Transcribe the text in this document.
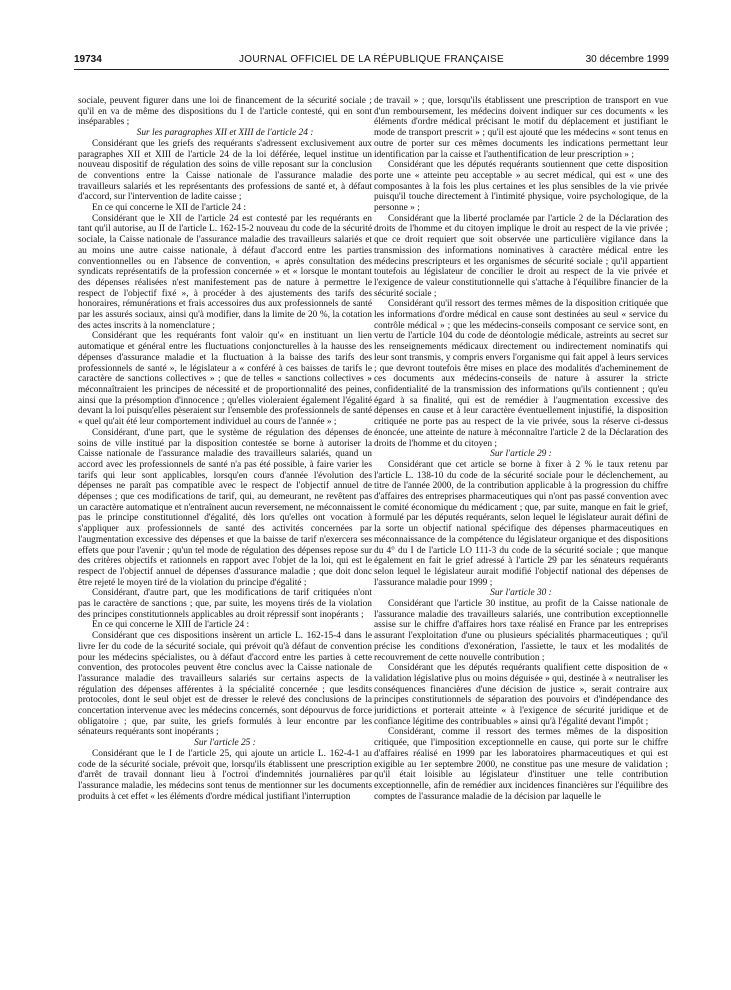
19734	JOURNAL OFFICIEL DE LA RÉPUBLIQUE FRANÇAISE	30 décembre 1999

sociale, peuvent figurer dans une loi de financement de la sécurité sociale ; qu'il en va de même des dispositions du I de l'article contesté, qui en sont inséparables ;

Sur les paragraphes XII et XIII de l'article 24 :

Considérant que les griefs des requérants s'adressent exclusivement aux paragraphes XII et XIII de l'article 24 de la loi déférée, lequel institue un nouveau dispositif de régulation des soins de ville reposant sur la conclusion de conventions entre la Caisse nationale de l'assurance maladie des travailleurs salariés et les représentants des professions de santé et, à défaut d'accord, sur l'intervention de ladite caisse ;

En ce qui concerne le XII de l'article 24 :

Considérant que le XII de l'article 24 est contesté par les requérants en tant qu'il autorise, au II de l'article L. 162-15-2 nouveau du code de la sécurité sociale, la Caisse nationale de l'assurance maladie des travailleurs salariés et au moins une autre caisse nationale, à défaut d'accord entre les parties conventionnelles ou en l'absence de convention, « après consultation des syndicats représentatifs de la profession concernée » et « lorsque le montant des dépenses réalisées n'est manifestement pas de nature à permettre le respect de l'objectif fixé », à procéder à des ajustements des tarifs des honoraires, rémunérations et frais accessoires dus aux professionnels de santé par les assurés sociaux, ainsi qu'à modifier, dans la limite de 20 %, la cotation des actes inscrits à la nomenclature ;

Considérant que les requérants font valoir qu'« en instituant un lien automatique et général entre les fluctuations conjoncturelles à la hausse des dépenses d'assurance maladie et la fluctuation à la baisse des tarifs des professionnels de santé », le législateur a « conféré à ces baisses de tarifs le caractère de sanctions collectives » ; que de telles « sanctions collectives » méconnaîtraient les principes de nécessité et de proportionnalité des peines, ainsi que la présomption d'innocence ; qu'elles violeraient également l'égalité devant la loi puisqu'elles pèseraient sur l'ensemble des professionnels de santé « quel qu'ait été leur comportement individuel au cours de l'année » ;

Considérant, d'une part, que le système de régulation des dépenses de soins de ville institué par la disposition contestée se borne à autoriser la Caisse nationale de l'assurance maladie des travailleurs salariés, quand un accord avec les professionnels de santé n'a pas été possible, à faire varier les tarifs qui leur sont applicables, lorsqu'en cours d'année l'évolution des dépenses ne paraît pas compatible avec le respect de l'objectif annuel de dépenses ; que ces modifications de tarif, qui, au demeurant, ne revêtent pas un caractère automatique et n'entraînent aucun reversement, ne méconnaissent pas le principe constitutionnel d'égalité, dès lors qu'elles ont vocation à s'appliquer aux professionnels de santé des activités concernées par l'augmentation excessive des dépenses et que la baisse de tarif n'exercera ses effets que pour l'avenir ; qu'un tel mode de régulation des dépenses repose sur des critères objectifs et rationnels en rapport avec l'objet de la loi, qui est le respect de l'objectif annuel de dépenses d'assurance maladie ; que doit donc être rejeté le moyen tiré de la violation du principe d'égalité ;

Considérant, d'autre part, que les modifications de tarif critiquées n'ont pas le caractère de sanctions ; que, par suite, les moyens tirés de la violation des principes constitutionnels applicables au droit répressif sont inopérants ;

En ce qui concerne le XIII de l'article 24 :

Considérant que ces dispositions insèrent un article L. 162-15-4 dans le livre Ier du code de la sécurité sociale, qui prévoit qu'à défaut de convention pour les médecins spécialistes, ou à défaut d'accord entre les parties à cette convention, des protocoles peuvent être conclus avec la Caisse nationale de l'assurance maladie des travailleurs salariés sur certains aspects de la régulation des dépenses afférentes à la spécialité concernée ; que lesdits protocoles, dont le seul objet est de dresser le relevé des conclusions de la concertation intervenue avec les médecins concernés, sont dépourvus de force obligatoire ; que, par suite, les griefs formulés à leur encontre par les sénateurs requérants sont inopérants ;

Sur l'article 25 :

Considérant que le I de l'article 25, qui ajoute un article L. 162-4-1 au code de la sécurité sociale, prévoit que, lorsqu'ils établissent une prescription d'arrêt de travail donnant lieu à l'octroi d'indemnités journalières par l'assurance maladie, les médecins sont tenus de mentionner sur les documents produits à cet effet « les éléments d'ordre médical justifiant l'interruption

de travail » ; que, lorsqu'ils établissent une prescription de transport en vue d'un remboursement, les médecins doivent indiquer sur ces documents « les éléments d'ordre médical précisant le motif du déplacement et justifiant le mode de transport prescrit » ; qu'il est ajouté que les médecins « sont tenus en outre de porter sur ces mêmes documents les indications permettant leur identification par la caisse et l'authentification de leur prescription » ;

Considérant que les députés requérants soutiennent que cette disposition porte une « atteinte peu acceptable » au secret médical, qui est « une des composantes à la fois les plus certaines et les plus sensibles de la vie privée puisqu'il touche directement à l'intimité physique, voire psychologique, de la personne » ;

Considérant que la liberté proclamée par l'article 2 de la Déclaration des droits de l'homme et du citoyen implique le droit au respect de la vie privée ; que ce droit requiert que soit observée une particulière vigilance dans la transmission des informations nominatives à caractère médical entre les médecins prescripteurs et les organismes de sécurité sociale ; qu'il appartient toutefois au législateur de concilier le droit au respect de la vie privée et l'exigence de valeur constitutionnelle qui s'attache à l'équilibre financier de la sécurité sociale ;

Considérant qu'il ressort des termes mêmes de la disposition critiquée que les informations d'ordre médical en cause sont destinées au seul « service du contrôle médical » ; que les médecins-conseils composant ce service sont, en vertu de l'article 104 du code de déontologie médicale, astreints au secret sur les renseignements médicaux directement ou indirectement nominatifs qui leur sont transmis, y compris envers l'organisme qui fait appel à leurs services ; que devront toutefois être mises en place des modalités d'acheminement de ces documents aux médecins-conseils de nature à assurer la stricte confidentialité de la transmission des informations qu'ils contiennent ; qu'eu égard à sa finalité, qui est de remédier à l'augmentation excessive des dépenses en cause et à leur caractère éventuellement injustifié, la disposition critiquée ne porte pas au respect de la vie privée, sous la réserve ci-dessus énoncée, une atteinte de nature à méconnaître l'article 2 de la Déclaration des droits de l'homme et du citoyen ;

Sur l'article 29 :

Considérant que cet article se borne à fixer à 2 % le taux retenu par l'article L. 138-10 du code de la sécurité sociale pour le déclenchement, au titre de l'année 2000, de la contribution applicable à la progression du chiffre d'affaires des entreprises pharmaceutiques qui n'ont pas passé convention avec le comité économique du médicament ; que, par suite, manque en fait le grief, formulé par les députés requérants, selon lequel le législateur aurait défini de la sorte un objectif national spécifique des dépenses pharmaceutiques en méconnaissance de la compétence du législateur organique et des dispositions du 4° du I de l'article LO 111-3 du code de la sécurité sociale ; que manque également en fait le grief adressé à l'article 29 par les sénateurs requérants selon lequel le législateur aurait modifié l'objectif national des dépenses de l'assurance maladie pour 1999 ;

Sur l'article 30 :

Considérant que l'article 30 institue, au profit de la Caisse nationale de l'assurance maladie des travailleurs salariés, une contribution exceptionnelle assise sur le chiffre d'affaires hors taxe réalisé en France par les entreprises assurant l'exploitation d'une ou plusieurs spécialités pharmaceutiques ; qu'il précise les conditions d'exonération, l'assiette, le taux et les modalités de recouvrement de cette nouvelle contribution ;

Considérant que les députés requérants qualifient cette disposition de « validation législative plus ou moins déguisée » qui, destinée à « neutraliser les conséquences financières d'une décision de justice », serait contraire aux principes constitutionnels de séparation des pouvoirs et d'indépendance des juridictions et porterait atteinte « à l'exigence de sécurité juridique et de confiance légitime des contribuables » ainsi qu'à l'égalité devant l'impôt ;

Considérant, comme il ressort des termes mêmes de la disposition critiquée, que l'imposition exceptionnelle en cause, qui porte sur le chiffre d'affaires réalisé en 1999 par les laboratoires pharmaceutiques et qui est exigible au 1er septembre 2000, ne constitue pas une mesure de validation ; qu'il était loisible au législateur d'instituer une telle contribution exceptionnelle, afin de remédier aux incidences financières sur l'équilibre des comptes de l'assurance maladie de la décision par laquelle le
